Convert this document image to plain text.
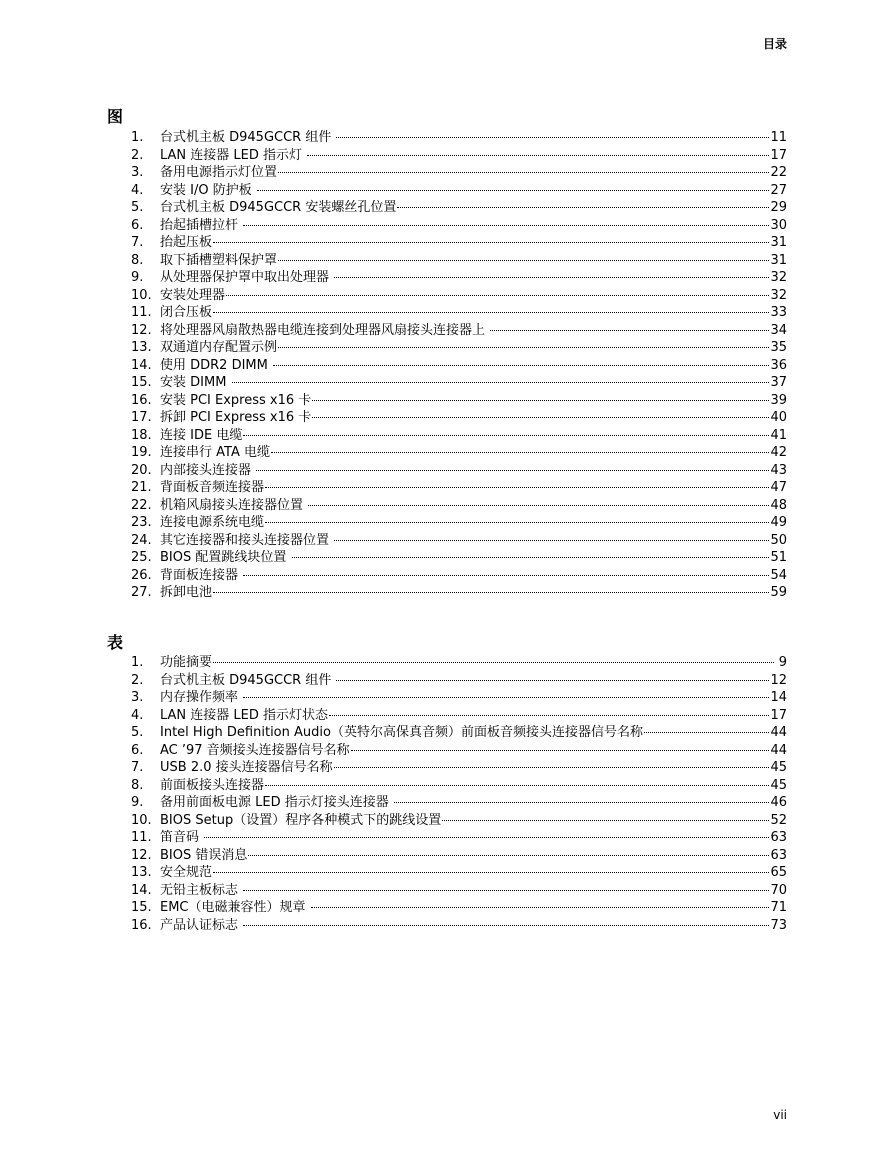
目录
图
1.	台式机主板 D945GCCR 组件	11
2.	LAN 连接器 LED 指示灯	17
3.	备用电源指示灯位置	22
4.	安装 I/O 防护板	27
5.	台式机主板 D945GCCR 安装螺丝孔位置	29
6.	抬起插槽拉杆	30
7.	抬起压板	31
8.	取下插槽塑料保护罩	31
9.	从处理器保护罩中取出处理器	32
10. 安装处理器	32
11. 闭合压板	33
12. 将处理器风扇散热器电缆连接到处理器风扇接头连接器上	34
13. 双通道内存配置示例	35
14. 使用 DDR2 DIMM	36
15. 安装 DIMM	37
16. 安装 PCI Express x16 卡	39
17. 拆卸 PCI Express x16 卡	40
18. 连接 IDE 电缆	41
19. 连接串行 ATA 电缆	42
20. 内部接头连接器	43
21. 背面板音频连接器	47
22. 机箱风扇接头连接器位置	48
23. 连接电源系统电缆	49
24. 其它连接器和接头连接器位置	50
25. BIOS 配置跳线块位置	51
26. 背面板连接器	54
27. 拆卸电池	59
表
1.	功能摘要	9
2.	台式机主板 D945GCCR 组件	12
3.	内存操作频率	14
4.	LAN 连接器 LED 指示灯状态	17
5.	Intel High Definition Audio（英特尔高保真音频）前面板音频接头连接器信号名称	44
6.	AC ’97 音频接头连接器信号名称	44
7.	USB 2.0 接头连接器信号名称	45
8.	前面板接头连接器	45
9.	备用前面板电源 LED 指示灯接头连接器	46
10. BIOS Setup（设置）程序各种模式下的跳线设置	52
11. 笛音码	63
12. BIOS 错误消息	63
13. 安全规范	65
14. 无铅主板标志	70
15. EMC（电磁兼容性）规章	71
16. 产品认证标志	73
vii
